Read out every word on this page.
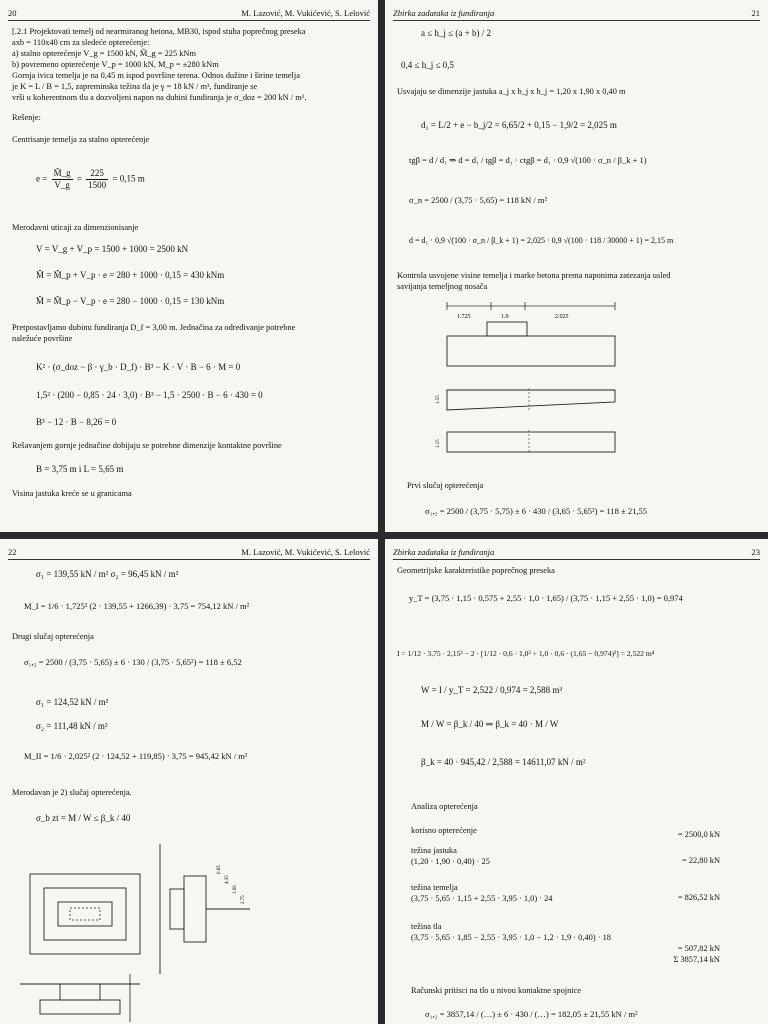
20	M. Lazović, M. Vukićević, S. Lelović
[.2.1 Projektovati temelj od nearmiranog betona, MB30, ispod stuba poprečnog preseka
axb = 110x40 cm za sledeće opterećenje:
a) stalno opterećenje V_g = 1500 kN, M̂_g = 225 kNm
b) povremeno opterećenje V_p = 1000 kN, M_p = ±280 kNm
Gornja ivica temelja je na 0,45 m ispod površine terena. Odnos dužine i širine temelja
je K = L / B = 1,5, zapreminska težina tla je γ = 18 kN / m³, fundiranje se
vrši u koherentnom tlu a dozvoljeni napon na dubini fundiranja je σ_doz = 200 kN / m².
Rešenje:
Centrisanje temelja za stalno opterećenje
$e = \frac{M̂\_g}{V\_g} = \frac{225}{1500} = 0,15$ m
Merodavni uticaji za dimenzionisanje
V = V_g + V_p = 1500 + 1000 = 2500 kN
M̂ = M̂_p + V_p · e = 280 + 1000 · 0,15 = 430 kNm
M̂ = M̂_p − V_p · e = 280 − 1000 · 0,15 = 130 kNm
Pretpostavljamo dubinu fundiranja D_f = 3,00 m. Jednačina za određivanje potrebne
naležuće površine
K² · (σ_doz − β · γ_b · D_f) · B³ − K · V · B − 6 · M = 0
1,5² · (200 − 0,85 · 24 · 3,0) · B³ − 1,5 · 2500 · B − 6 · 430 = 0
B³ − 12 · B − 8,26 = 0
Rešavanjem gornje jednačine dobijaju se potrebne dimenzije kontaktne površine
B = 3,75 m i L = 5,65 m
Visina jastuka kreće se u granicama
Zbirka zadataka iz fundiranja	21
a ≤ h_j ≤ (a + b) / 2
0,4 ≤ h_j ≤ 0,5
Usvajaju se dimenzije jastuka a_j x b_j x h_j = 1,20 x 1,90 x 0,40 m
d₁ = L/2 + e − b_j/2 = 6,65/2 + 0,15 − 1,9/2 = 2,025 m
tgβ = d / d₁ ⇒ d = d₁ / tgβ = d₁ · ctgβ = d₁ · 0,9 √(100 · σ_n / β_k + 1)
σ_n = 2500 / (3,75 · 5,65) = 118 kN / m²
d = d₁ · 0,9 √(100 · σ_n / β_k + 1) = 2,025 · 0,9 √(100 · 118 / 30000 + 1) = 2,15 m
Kontrola usvojene visine temelja i marke betona prema naponima zatezanja usled
savijanja temeljnog nosača
1.725	1.9	2.025
1.55
1.15
Prvi slučaj opterećenja
σ₁,₂ = 2500 / (3,75 · 5,75) ± 6 · 430 / (3,65 · 5,65²) = 118 ± 21,55
22	M. Lazović, M. Vukićević, S. Lelović
σ₁ = 139,55 kN / m² σ₂ = 96,45 kN / m²
M_I = 1/6 · 1,725² (2 · 139,55 + 1266,39) · 3,75 = 754,12 kN / m²
Drugi slučaj opterećenja
σ₁,₂ = 2500 / (3,75 · 5,65) ± 6 · 130 / (3,75 · 5,65²) = 118 ± 6,52
σ₁ = 124,52 kN / m²
σ₂ = 111,48 kN / m²
M_II = 1/6 · 2,025² (2 · 124,52 + 119,85) · 3,75 = 945,42 kN / m²
Merodavan je 2) slučaj opterećenja.
σ_b zt = M / W ≤ β_k / 40
0.65
4.35
1.90
2.75
Zbirka zadataka iz fundiranja	23
Geometrijske karakteristike poprečnog preseka
y_T = (3,75 · 1,15 · 0,575 + 2,55 · 1,0 · 1,65) / (3,75 · 1,15 + 2,55 · 1,0) = 0,974
I = 1/12 · 3,75 · 2,15³ − 2 · [1/12 · 0,6 · 1,0³ + 1,0 · 0,6 · (1,65 − 0,974)²] = 2,522 m⁴
W = I / y_T = 2,522 / 0,974 = 2,588 m³
M / W = β_k / 40 ⇒ β_k = 40 · M / W
β_k = 40 · 945,42 / 2,588 = 14611,07 kN / m²
Analiza opterećenja
korisno opterećenje	= 2500,0 kN
težina jastuka
(1,20 · 1,90 · 0,40) · 25	= 22,80 kN
težina temelja
(3,75 · 5,65 · 1,15 + 2,55 · 3,95 · 1,0) · 24	= 826,52 kN
težina tla
(3,75 · 5,65 · 1,85 − 2,55 · 3,95 · 1,0 − 1,2 · 1,9 · 0,40) · 18
= 507,82 kN
Σ 3857,14 kN
Računski pritisci na tlo u nivou kontaktne spojnice
σ₁,₂ = 3857,14 / (…) ± 6 · 430 / (…) = 182,05 ± 21,55 kN / m²
